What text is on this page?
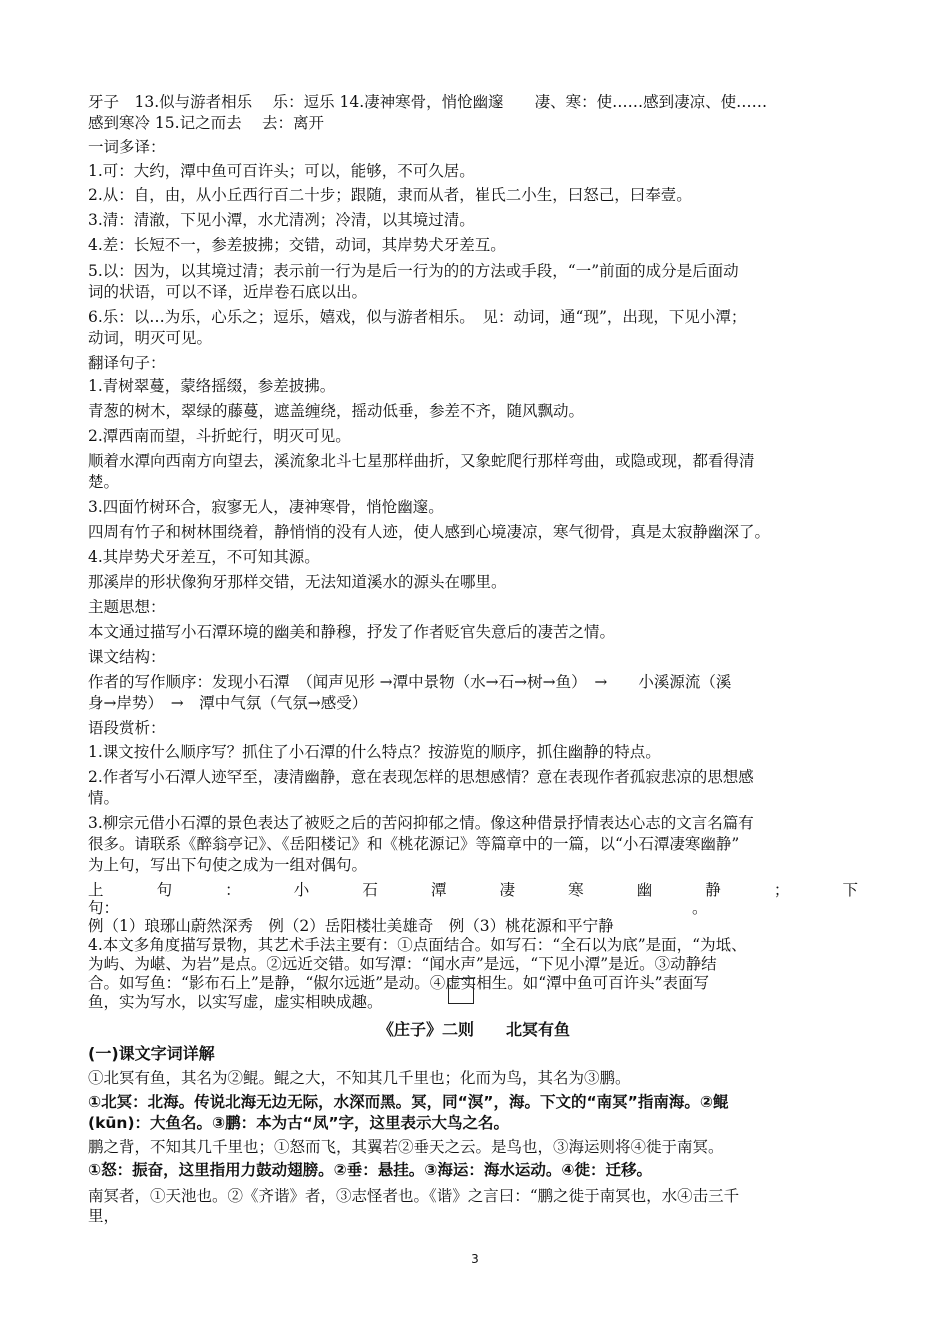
牙子　13.似与游者相乐　 乐：逗乐 14.凄神寒骨，悄怆幽邃　　凄、寒：使……感到凄凉、使……
感到寒冷 15.记之而去　 去：离开
一词多译：
1.可：大约，潭中鱼可百许头；可以，能够，不可久居。
2.从：自，由，从小丘西行百二十步；跟随，隶而从者，崔氏二小生，曰怒己，曰奉壹。
3.清：清澈，下见小潭，水尤清冽；冷清，以其境过清。
4.差：长短不一，参差披拂；交错，动词，其岸势犬牙差互。
5.以：因为，以其境过清；表示前一行为是后一行为的的方法或手段，“一”前面的成分是后面动
词的状语，可以不译，近岸卷石底以出。
6.乐：以…为乐，心乐之；逗乐，嬉戏，似与游者相乐。　见：动词，通“现”，出现，下见小潭；
动词，明灭可见。
翻译句子：
1.青树翠蔓，蒙络摇缀，参差披拂。
青葱的树木，翠绿的藤蔓，遮盖缠绕，摇动低垂，参差不齐，随风飘动。
2.潭西南而望，斗折蛇行，明灭可见。
顺着水潭向西南方向望去，溪流象北斗七星那样曲折，又象蛇爬行那样弯曲，或隐或现，都看得清
楚。
3.四面竹树环合，寂寥无人，凄神寒骨，悄怆幽邃。
四周有竹子和树林围绕着，静悄悄的没有人迹，使人感到心境凄凉，寒气彻骨，真是太寂静幽深了。
4.其岸势犬牙差互，不可知其源。
那溪岸的形状像狗牙那样交错，无法知道溪水的源头在哪里。
主题思想：
本文通过描写小石潭环境的幽美和静穆，抒发了作者贬官失意后的凄苦之情。
课文结构：
作者的写作顺序：发现小石潭　（闻声见形 →潭中景物（水→石→树→鱼）　→　　小溪源流（溪
身→岸势）　→　潭中气氛（气氛→感受）
语段赏析：
1.课文按什么顺序写？抓住了小石潭的什么特点？按游览的顺序，抓住幽静的特点。
2.作者写小石潭人迹罕至，凄清幽静，意在表现怎样的思想感情？意在表现作者孤寂悲凉的思想感
情。
3.柳宗元借小石潭的景色表达了被贬之后的苦闷抑郁之情。像这种借景抒情表达心志的文言名篇有
很多。请联系《醉翁亭记》、《岳阳楼记》和《桃花源记》等篇章中的一篇，以“小石潭凄寒幽静”
为上句，写出下句使之成为一组对偶句。
上句：小石潭凄寒幽静；下
句：	。
例（1）琅琊山蔚然深秀　例（2）岳阳楼壮美雄奇　例（3）桃花源和平宁静
4.本文多角度描写景物，其艺术手法主要有：①点面结合。如写石：“全石以为底”是面，“为坻、
为屿、为嵁、为岩”是点。②远近交错。如写潭：“闻水声”是远，“下见小潭”是近。③动静结
合。如写鱼：“影布石上”是静，“俶尔远逝”是动。④虚实相生。如“潭中鱼可百许头”表面写
鱼，实为写水，以实写虚，虚实相映成趣。
《庄子》二则　　北冥有鱼
(一)课文字词详解
①北冥有鱼，其名为②鲲。鲲之大，不知其几千里也；化而为鸟，其名为③鹏。
①北冥：北海。传说北海无边无际，水深而黑。冥，同“溟”，海。下文的“南冥”指南海。②鲲
(kūn)：大鱼名。③鹏：本为古“凤”字，这里表示大鸟之名。
鹏之背，不知其几千里也；①怒而飞，其翼若②垂天之云。是鸟也，③海运则将④徙于南冥。
①怒：振奋，这里指用力鼓动翅膀。②垂：悬挂。③海运：海水运动。④徙：迁移。
南冥者，①天池也。②《齐谐》者，③志怪者也。《谐》之言曰：“鹏之徙于南冥也，水④击三千
里，
3
